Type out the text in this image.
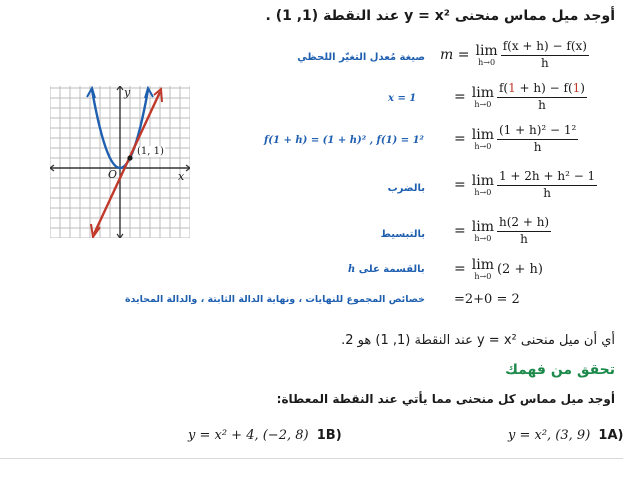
أوجد ميل مماس منحنى y = x² عند النقطة (1, 1) .
y
x
O
(1, 1)
صيغة مُعدل التغيّر اللحظي m = lim
$h\to 0 \frac{f(x + h) - f(x)}{h}$
x = 1	= lim
$h\to 0 \frac{f(1 + h) - f(1)}{h}$
f(1 + h) = (1 + h)² , f(1) = 1² = lim
$h\to 0 \frac{\text{(1 + h)² − 1²}}{h}$
بالضرب = lim
$h\to 0 \frac{\text{1 + 2h + h² − 1}}{h}$
بالتبسيط = lim
$h\to 0 \frac{h(2 + h)}{h}$
h بالقسمة على = lim
h→0 (2 + h)
خصائص المجموع للنهايات ، ونهاية الدالة الثابتة ، والدالة المحايدة =2+0 = 2
أي أن ميل منحنى y = x² عند النقطة (1, 1) هو 2.
تحقق من فهمك
أوجد ميل مماس كل منحنى مما يأتي عند النقطة المعطاة:
y = x², (3, 9) 1A)
y = x² + 4, (−2, 8) 1B)
